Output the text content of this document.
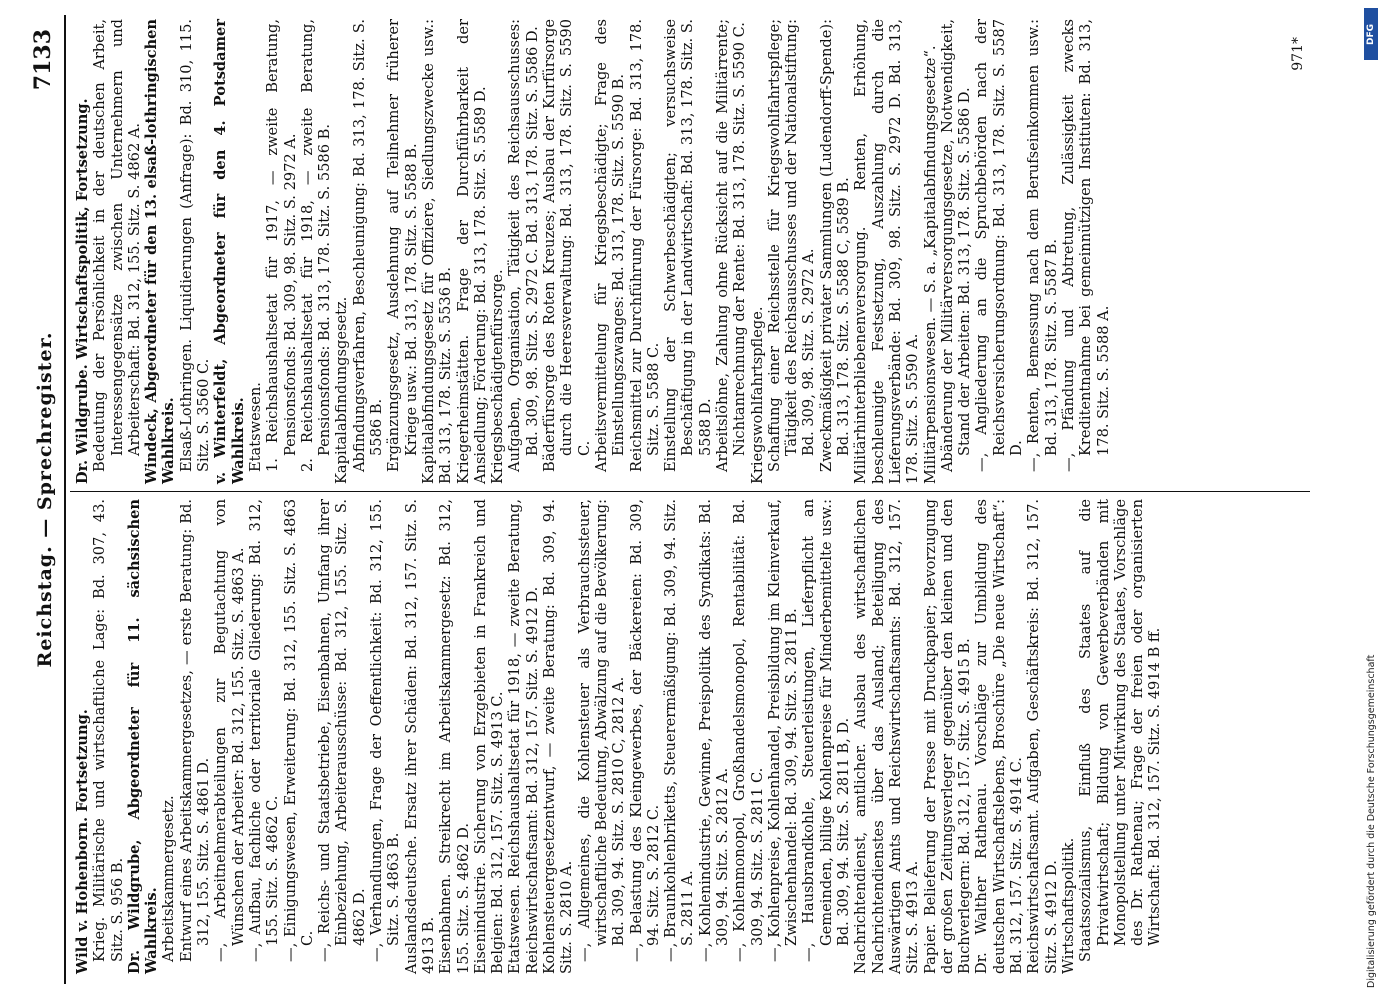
Reichstag. — Sprechregister.
7133

Wild v. Hohenborn. Fortsetzung. Krieg. Militärische und wirtschaftliche Lage: Bd. 307, 43. Sitz. S. 956 B. Dr. Wildgrube, Abgeordneter für 11. sächsischen Wahlkreis. Arbeitskammergesetz. Entwurf eines Arbeitskammergesetzes, — erste Beratung: Bd. 312, 155. Sitz. S. 4861 D. —, Arbeitnehmerabteilungen zur Begutachtung von Wünschen der Arbeiter: Bd. 312, 155. Sitz. S. 4863 A. —, Aufbau, fachliche oder territoriale Gliederung: Bd. 312, 155. Sitz. S. 4862 C. —, Einigungswesen, Erweiterung: Bd. 312, 155. Sitz. S. 4863 C. —, Reichs- und Staatsbetriebe, Eisenbahnen, Umfang ihrer Einbeziehung, Arbeiterausschüsse: Bd. 312, 155. Sitz. S. 4862 D. —, Verhandlungen, Frage der Oeffentlichkeit: Bd. 312, 155. Sitz. S. 4863 B. Auslandsdeutsche. Ersatz ihrer Schäden: Bd. 312, 157. Sitz. S. 4913 B. Eisenbahnen. Streikrecht im Arbeitskammergesetz: Bd. 312, 155. Sitz. S. 4862 D. Eisenindustrie. Sicherung von Erzgebieten in Frankreich und Belgien: Bd. 312, 157. Sitz. S. 4913 C. Etatswesen. Reichshaushaltsetat für 1918, — zweite Beratung, Reichswirtschaftsamt: Bd. 312, 157. Sitz. S. 4912 D. Kohlensteuergesetzentwurf, — zweite Beratung: Bd. 309, 94. Sitz. S. 2810 A. —, Allgemeines, die Kohlensteuer als Verbrauchssteuer, wirtschaftliche Bedeutung, Abwälzung auf die Bevölkerung: Bd. 309, 94. Sitz. S. 2810 C, 2812 A. —, Belastung des Kleingewerbes, der Bäckereien: Bd. 309, 94. Sitz. S. 2812 C. —, Braunkohlenbriketts, Steuerermäßigung: Bd. 309, 94. Sitz. S. 2811 A. —, Kohlenindustrie, Gewinne, Preispolitik des Syndikats: Bd. 309, 94. Sitz. S. 2812 A. —, Kohlenmonopol, Großhandelsmonopol, Rentabilität: Bd. 309, 94. Sitz. S. 2811 C. —, Kohlenpreise, Kohlenhandel, Preisbildung im Kleinverkauf, Zwischenhandel: Bd. 309, 94. Sitz. S. 2811 B. —, Hausbrandkohle, Steuerleistungen, Lieferpflicht an Gemeinden, billige Kohlenpreise für Minderbemittelte usw.: Bd. 309, 94. Sitz. S. 2811 B, D. Nachrichtendienst, amtlicher. Ausbau des wirtschaftlichen Nachrichtendienstes über das Ausland; Beteiligung des Auswärtigen Amts und Reichswirtschaftsamts: Bd. 312, 157. Sitz. S. 4913 A. Papier. Belieferung der Presse mit Druckpapier; Bevorzugung der großen Zeitungsverleger gegenüber den kleinen und den Buchverlegern: Bd. 312, 157. Sitz. S. 4915 B. Dr. Walther Rathenau. Vorschläge zur Umbildung des deutschen Wirtschaftslebens, Broschüre „Die neue Wirtschaft“: Bd. 312, 157. Sitz. S. 4914 C. Reichswirtschaftsamt. Aufgaben, Geschäftskreis: Bd. 312, 157. Sitz. S. 4912 D. Wirtschaftspolitik. Staatssozialismus, Einfluß des Staates auf die Privatwirtschaft; Bildung von Gewerbeverbänden mit Monopolstellung unter Mitwirkung des Staates, Vorschläge des Dr. Rathenau; Frage der freien oder organisierten Wirtschaft: Bd. 312, 157. Sitz. S. 4914 B ff.

Dr. Wildgrube. Wirtschaftspolitik, Fortsetzung. Bedeutung der Persönlichkeit in der deutschen Arbeit, Interessengegensätze zwischen Unternehmern und Arbeiterschaft: Bd. 312, 155. Sitz. S. 4862 A. Windeck, Abgeordneter für den 13. elsaß-lothringischen Wahlkreis. Elsaß-Lothringen. Liquidierungen (Anfrage): Bd. 310, 115. Sitz. S. 3560 C. v. Winterfeldt, Abgeordneter für den 4. Potsdamer Wahlkreis. Etatswesen. 1. Reichshaushaltsetat für 1917, — zweite Beratung, Pensionsfonds: Bd. 309, 98. Sitz. S. 2972 A. 2. Reichshaushaltsetat für 1918, — zweite Beratung, Pensionsfonds: Bd. 313, 178. Sitz. S. 5586 B. Kapitalabfindungsgesetz. Abfindungsverfahren, Beschleunigung: Bd. 313, 178. Sitz. S. 5586 B. Ergänzungsgesetz, Ausdehnung auf Teilnehmer früherer Kriege usw.: Bd. 313, 178. Sitz. S. 5588 B. Kapitalabfindungsgesetz für Offiziere, Siedlungszwecke usw.: Bd. 313, 178. Sitz. S. 5536 B. Kriegerheimstätten. Frage der Durchführbarkeit der Ansiedlung; Förderung: Bd. 313, 178. Sitz. S. 5589 D. Kriegsbeschädigtenfürsorge. Aufgaben, Organisation, Tätigkeit des Reichsausschusses: Bd. 309, 98. Sitz. S. 2972 C. Bd. 313, 178. Sitz. S. 5586 D. Bäderfürsorge des Roten Kreuzes; Ausbau der Kurfürsorge durch die Heeresverwaltung: Bd. 313, 178. Sitz. S. 5590 C. Arbeitsvermittelung für Kriegsbeschädigte; Frage des Einstellungszwanges: Bd. 313, 178. Sitz. S. 5590 B. Reichsmittel zur Durchführung der Fürsorge: Bd. 313, 178. Sitz. S. 5588 C. Einstellung der Schwerbeschädigten; versuchsweise Beschäftigung in der Landwirtschaft: Bd. 313, 178. Sitz. S. 5588 D. Arbeitslöhne, Zahlung ohne Rücksicht auf die Militärrente; Nichtanrechnung der Rente: Bd. 313, 178. Sitz. S. 5590 C. Kriegswohlfahrtspflege. Schaffung einer Reichsstelle für Kriegswohlfahrtspflege; Tätigkeit des Reichsausschusses und der Nationalstiftung: Bd. 309, 98. Sitz. S. 2972 A. Zweckmäßigkeit privater Sammlungen (Ludendorff-Spende): Bd. 313, 178. Sitz. S. 5588 C, 5589 B. Militärhinterbliebenenversorgung. Renten, Erhöhung, beschleunigte Festsetzung, Auszahlung durch die Lieferungsverbände: Bd. 309, 98. Sitz. S. 2972 D. Bd. 313, 178. Sitz. S. 5590 A. Militärpensionswesen. — S. a. „Kapitalabfindungsgesetze“. Abänderung der Militärversorgungsgesetze, Notwendigkeit, Stand der Arbeiten: Bd. 313, 178. Sitz. S. 5586 D. —, Angliederung an die Spruchbehörden nach der Reichsversicherungsordnung: Bd. 313, 178. Sitz. S. 5587 D. —, Renten, Bemessung nach dem Berufseinkommen usw.: Bd. 313, 178. Sitz. S. 5587 B. —, Pfändung und Abtretung, Zulässigkeit zwecks Kreditentnahme bei gemeinnützigen Instituten: Bd. 313, 178. Sitz. S. 5588 A.

971*
DFG
Digitalisierung gefördert durch die Deutsche Forschungsgemeinschaft
